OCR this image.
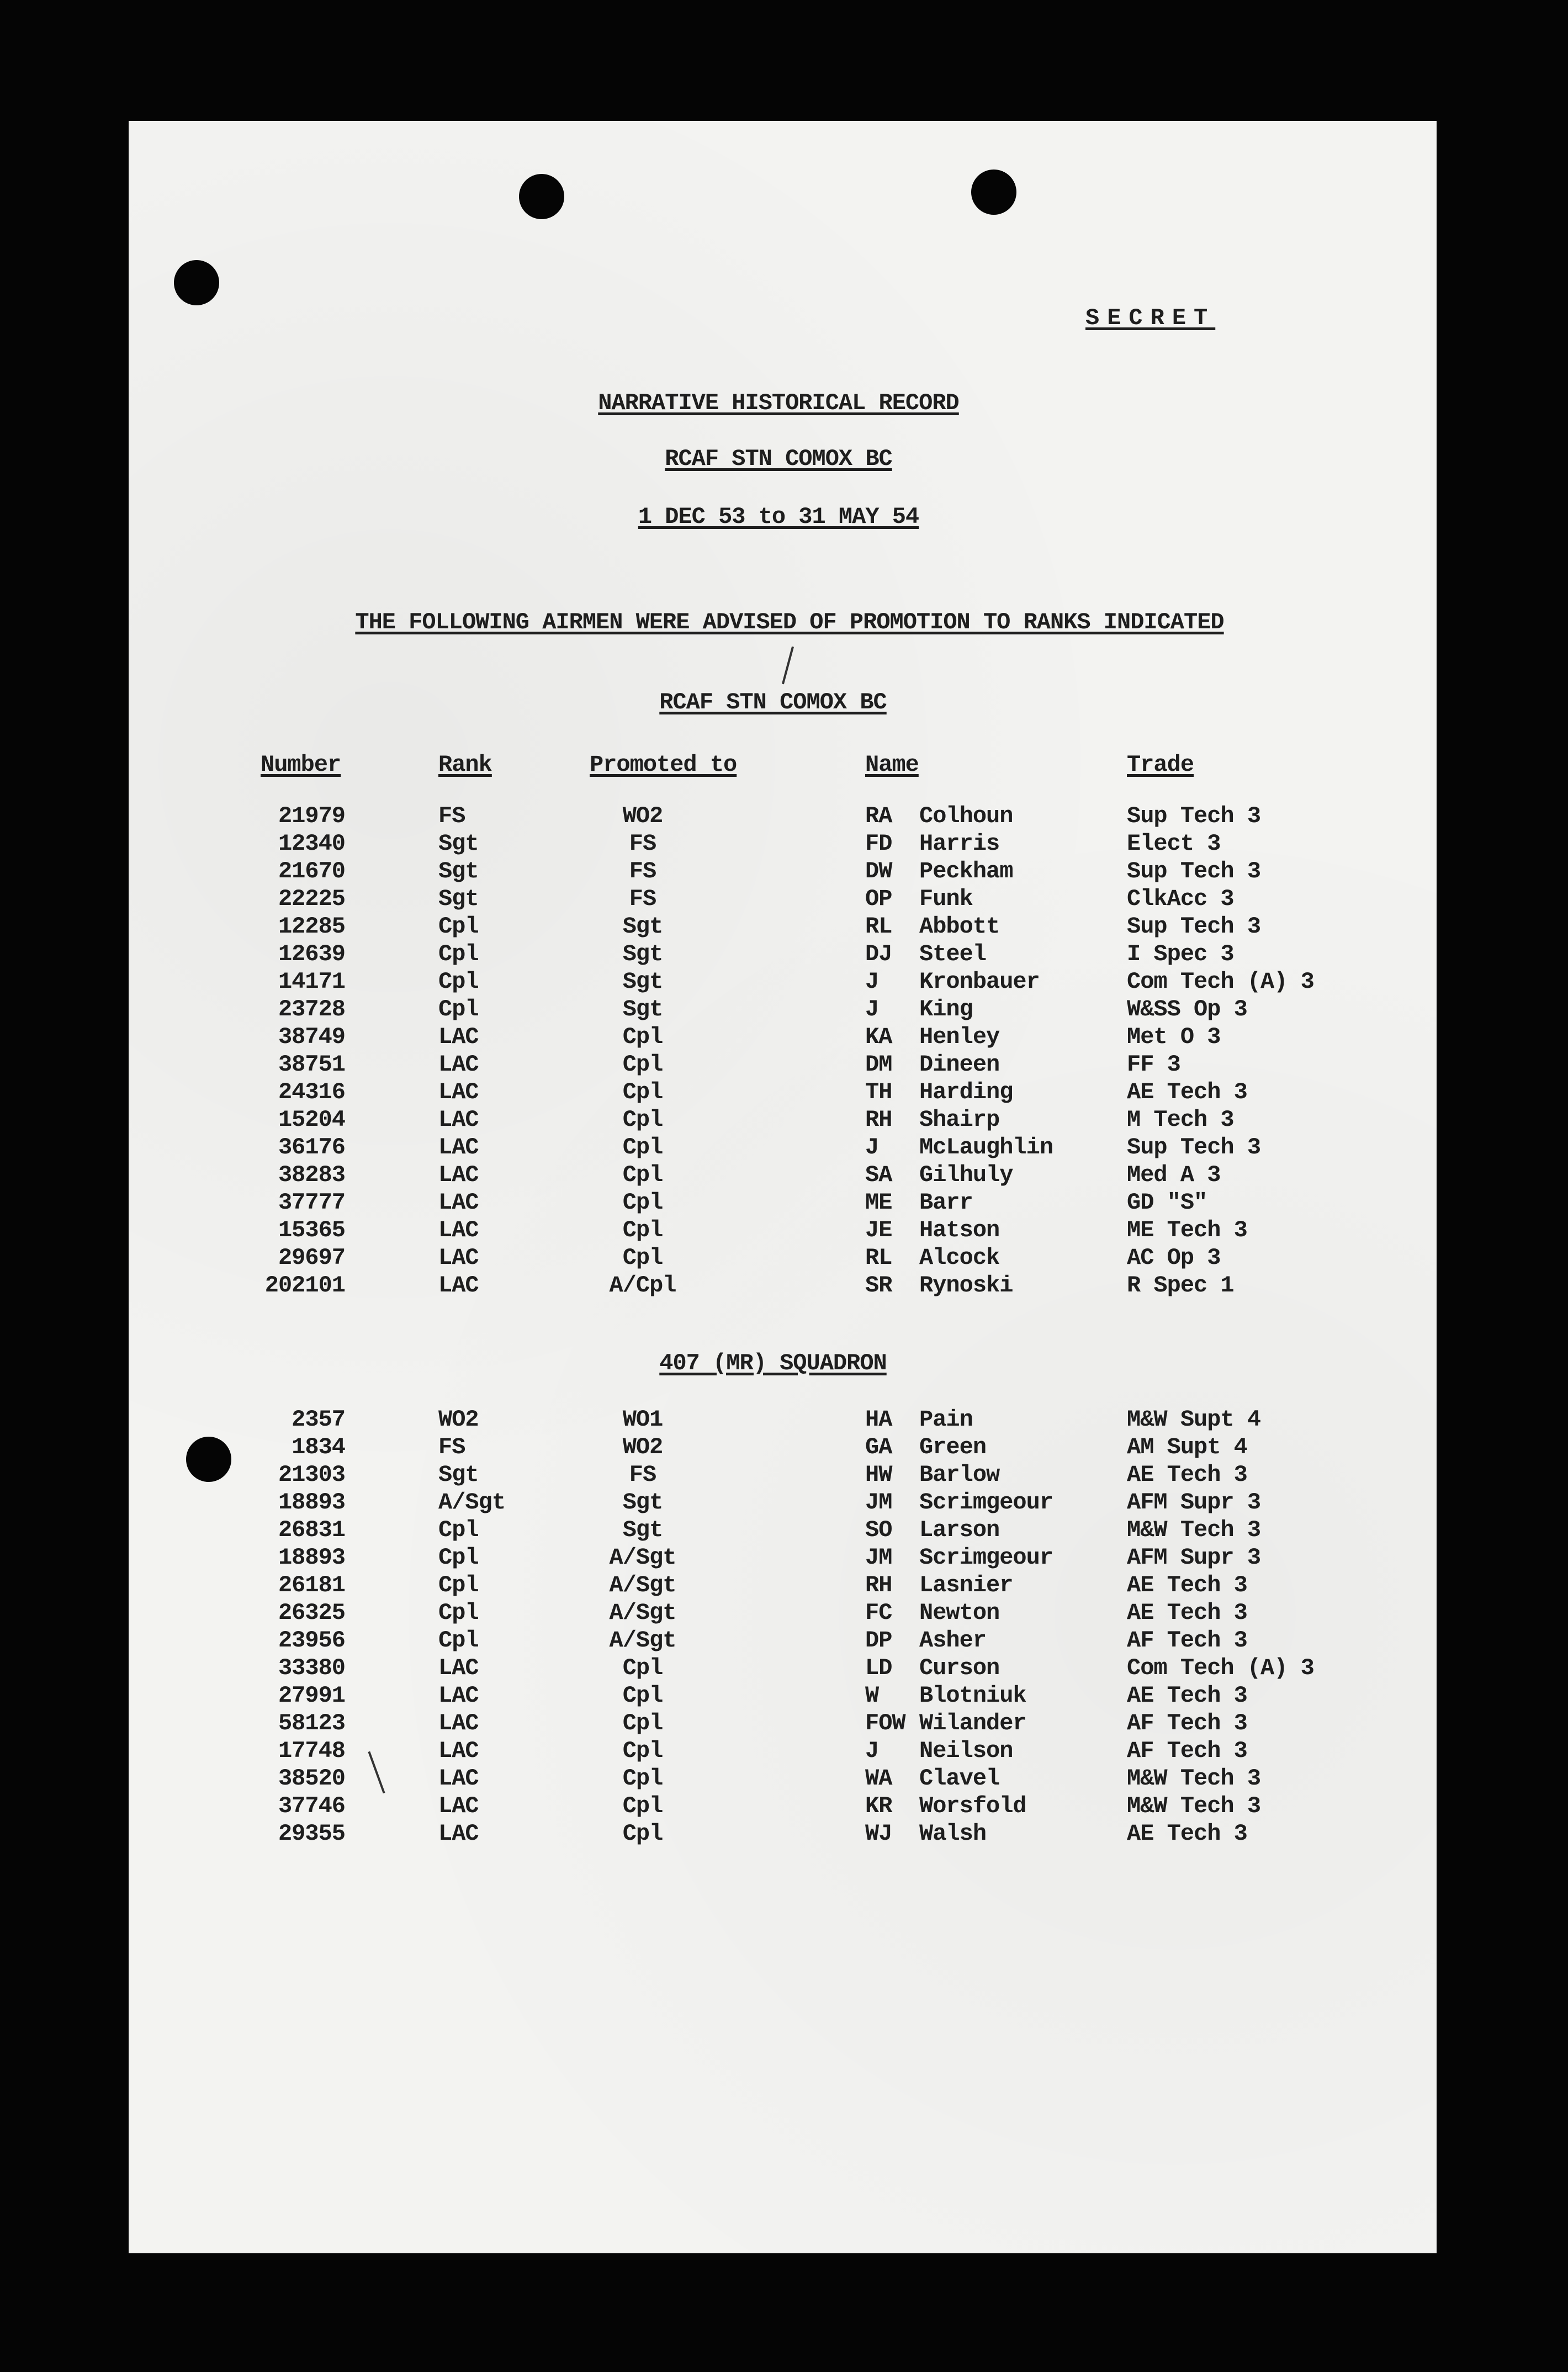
SECRET
NARRATIVE HISTORICAL RECORD
RCAF STN COMOX BC
1 DEC 53 to 31 MAY 54
THE FOLLOWING AIRMEN WERE ADVISED OF PROMOTION TO RANKS INDICATED
Number	Rank	Promoted to	Name	Trade
RCAF STN COMOX BC
407 (MR) SQUADRON
21979	FS	WO2	RA Colhoun	Sup Tech 3
12340	Sgt	FS	FD Harris	Elect 3
21670	Sgt	FS	DW Peckham	Sup Tech 3
22225	Sgt	FS	OP Funk	ClkAcc 3
12285	Cpl	Sgt	RL Abbott	Sup Tech 3
12639	Cpl	Sgt	DJ Steel	I Spec 3
14171	Cpl	Sgt	J Kronbauer	Com Tech (A) 3
23728	Cpl	Sgt	J King	W&SS Op 3
38749	LAC	Cpl	KA Henley	Met O 3
38751	LAC	Cpl	DM Dineen	FF 3
24316	LAC	Cpl	TH Harding	AE Tech 3
15204	LAC	Cpl	RH Shairp	M Tech 3
36176	LAC	Cpl	J McLaughlin	Sup Tech 3
38283	LAC	Cpl	SA Gilhuly	Med A 3
37777	LAC	Cpl	ME Barr	GD "S"
15365	LAC	Cpl	JE Hatson	ME Tech 3
29697	LAC	Cpl	RL Alcock	AC Op 3
202101	LAC	A/Cpl	SR Rynoski	R Spec 1
2357	WO2	WO1	HA Pain	M&W Supt 4
1834	FS	WO2	GA Green	AM Supt 4
21303	Sgt	FS	HW Barlow	AE Tech 3
18893	A/Sgt	Sgt	JM Scrimgeour	AFM Supr 3
26831	Cpl	Sgt	SO Larson	M&W Tech 3
18893	Cpl	A/Sgt	JM Scrimgeour	AFM Supr 3
26181	Cpl	A/Sgt	RH Lasnier	AE Tech 3
26325	Cpl	A/Sgt	FC Newton	AE Tech 3
23956	Cpl	A/Sgt	DP Asher	AF Tech 3
33380	LAC	Cpl	LD Curson	Com Tech (A) 3
27991	LAC	Cpl	W Blotniuk	AE Tech 3
58123	LAC	Cpl	FOW Wilander	AF Tech 3
17748	LAC	Cpl	J Neilson	AF Tech 3
38520	LAC	Cpl	WA Clavel	M&W Tech 3
37746	LAC	Cpl	KR Worsfold	M&W Tech 3
29355	LAC	Cpl	WJ Walsh	AE Tech 3
